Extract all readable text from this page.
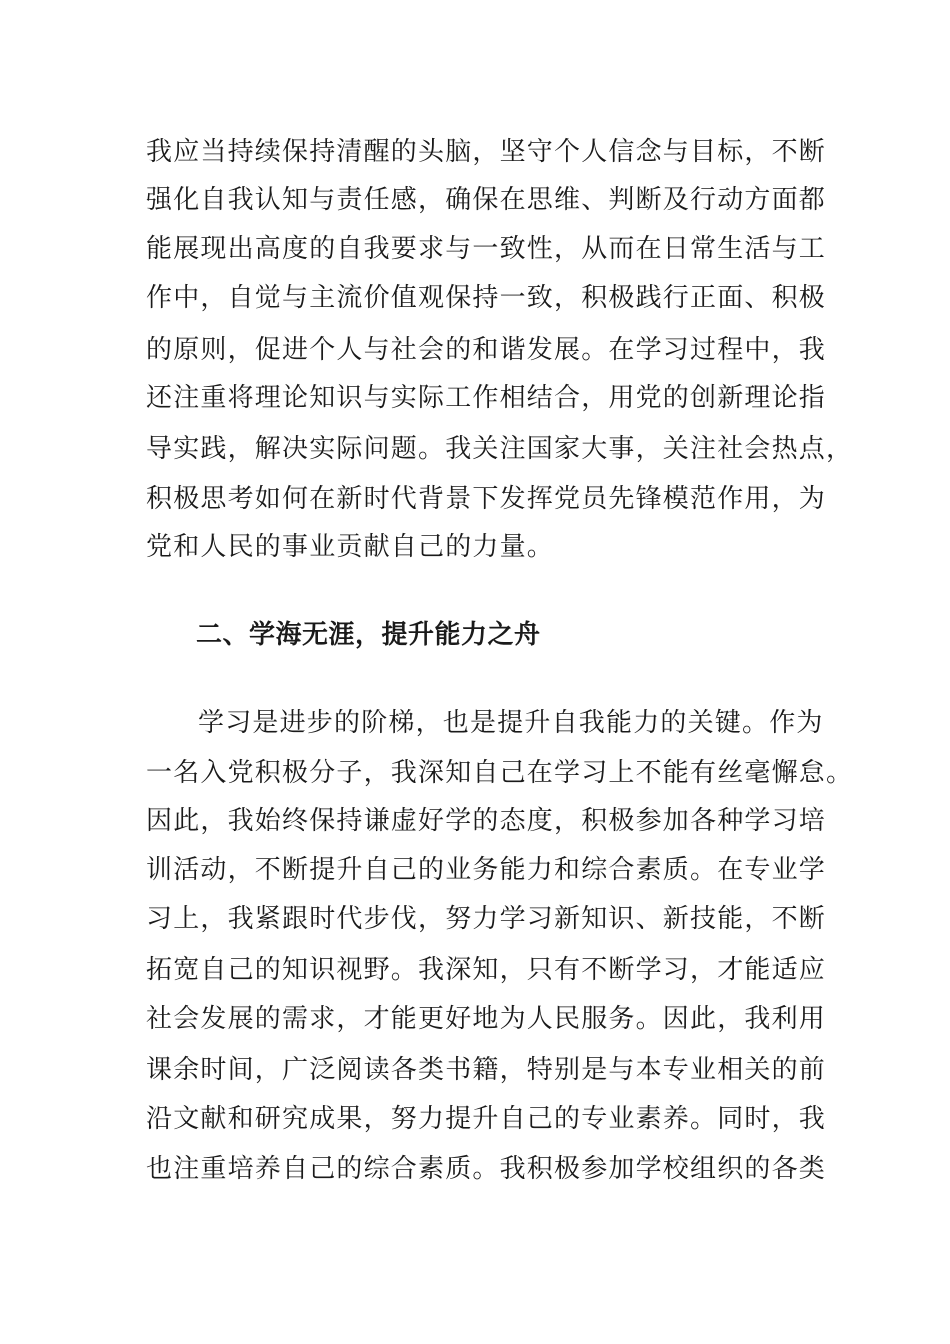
我应当持续保持清醒的头脑，坚守个人信念与目标，不断
强化自我认知与责任感，确保在思维、判断及行动方面都
能展现出高度的自我要求与一致性，从而在日常生活与工
作中，自觉与主流价值观保持一致，积极践行正面、积极
的原则，促进个人与社会的和谐发展。在学习过程中，我
还注重将理论知识与实际工作相结合，用党的创新理论指
导实践，解决实际问题。我关注国家大事，关注社会热点，
积极思考如何在新时代背景下发挥党员先锋模范作用，为
党和人民的事业贡献自己的力量。
二、学海无涯，提升能力之舟
学习是进步的阶梯，也是提升自我能力的关键。作为
一名入党积极分子，我深知自己在学习上不能有丝毫懈怠。
因此，我始终保持谦虚好学的态度，积极参加各种学习培
训活动，不断提升自己的业务能力和综合素质。在专业学
习上，我紧跟时代步伐，努力学习新知识、新技能，不断
拓宽自己的知识视野。我深知，只有不断学习，才能适应
社会发展的需求，才能更好地为人民服务。因此，我利用
课余时间，广泛阅读各类书籍，特别是与本专业相关的前
沿文献和研究成果，努力提升自己的专业素养。同时，我
也注重培养自己的综合素质。我积极参加学校组织的各类
